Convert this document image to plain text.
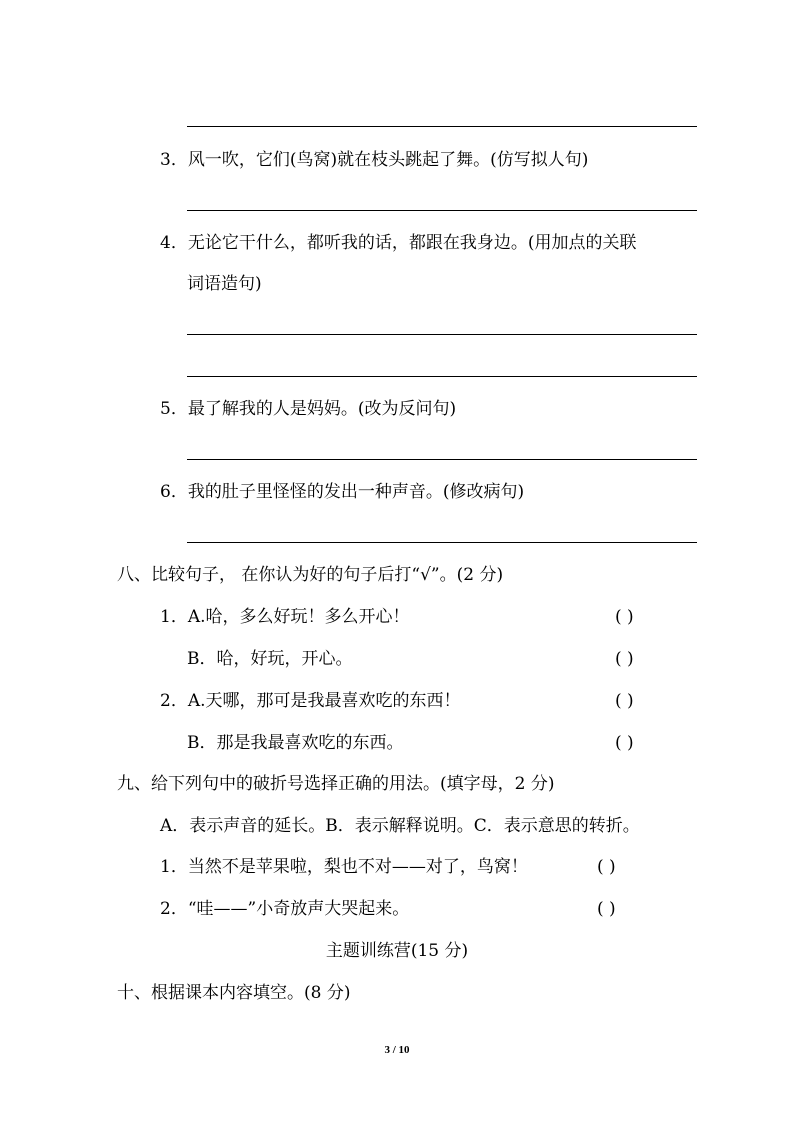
3．风一吹，它们(鸟窝)就在枝头跳起了舞。(仿写拟人句)
4．无论它干什么，都听我的话，都跟在我身边。(用加点的关联
词语造句)
5．最了解我的人是妈妈。(改为反问句)
6．我的肚子里怪怪的发出一种声音。(修改病句)
八、比较句子， 在你认为好的句子后打“√”。(2 分)
1．A.哈，多么好玩！多么开心！	( )
B．哈，好玩，开心。	( )
2．A.天哪，那可是我最喜欢吃的东西！	( )
B．那是我最喜欢吃的东西。	( )
九、给下列句中的破折号选择正确的用法。(填字母，2 分)
A．表示声音的延长。B．表示解释说明。C．表示意思的转折。
1．当然不是苹果啦，梨也不对——对了，鸟窝！	( )
2．“哇——”小奇放声大哭起来。	( )
主题训练营(15 分)
十、根据课本内容填空。(8 分)
3 / 10
